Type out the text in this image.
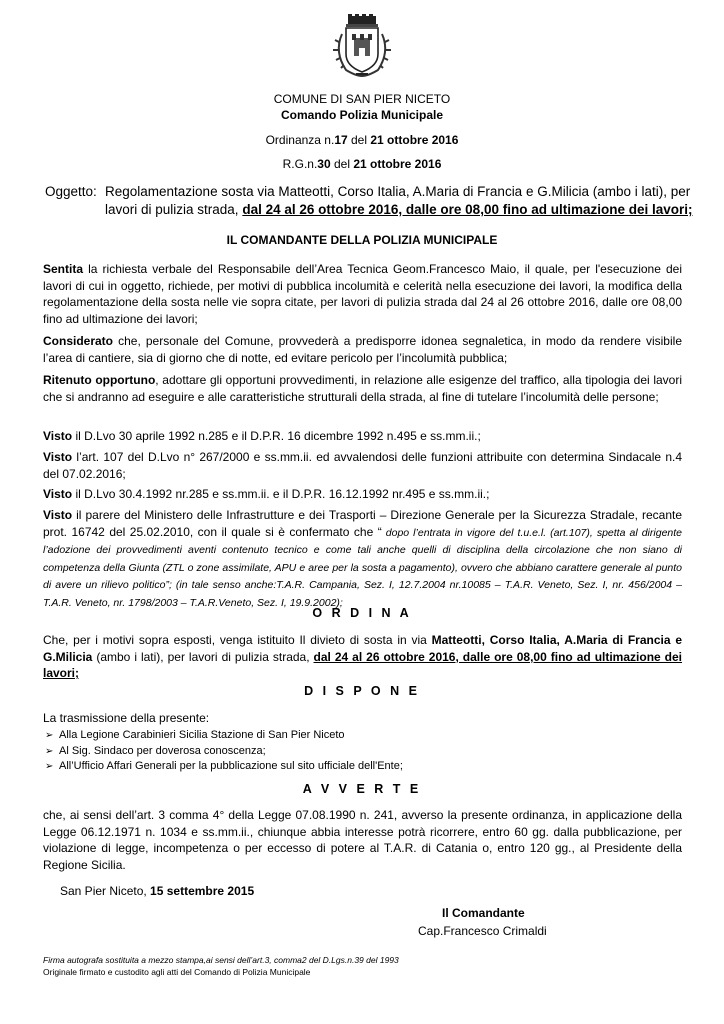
COMUNE DI SAN PIER NICETO
Comando Polizia Municipale
Ordinanza n.17 del 21 ottobre 2016
R.G.n.30 del 21 ottobre 2016
Oggetto: Regolamentazione sosta via Matteotti, Corso Italia, A.Maria di Francia e G.Milicia (ambo i lati), per lavori di pulizia strada, dal 24 al 26 ottobre 2016, dalle ore 08,00 fino ad ultimazione dei lavori;
IL COMANDANTE DELLA POLIZIA MUNICIPALE
Sentita la richiesta verbale del Responsabile dell’Area Tecnica Geom.Francesco Maio, il quale, per l'esecuzione dei lavori di cui in oggetto, richiede, per motivi di pubblica incolumità e celerità nella esecuzione dei lavori, la modifica della regolamentazione della sosta nelle vie sopra citate, per lavori di pulizia strada dal 24 al 26 ottobre 2016, dalle ore 08,00 fino ad ultimazione dei lavori;
Considerato che, personale del Comune, provvederà a predisporre idonea segnaletica, in modo da rendere visibile l’area di cantiere, sia di giorno che di notte, ed evitare pericolo per l’incolumità pubblica;
Ritenuto opportuno, adottare gli opportuni provvedimenti, in relazione alle esigenze del traffico, alla tipologia dei lavori che si andranno ad eseguire e alle caratteristiche strutturali della strada, al fine di tutelare l’incolumità delle persone;
Visto il D.Lvo 30 aprile 1992 n.285 e il D.P.R. 16 dicembre 1992 n.495 e ss.mm.ii.;
Visto l’art. 107 del D.Lvo n° 267/2000 e ss.mm.ii. ed avvalendosi delle funzioni attribuite con determina Sindacale n.4 del 07.02.2016;
Visto il D.Lvo 30.4.1992 nr.285 e ss.mm.ii. e il D.P.R. 16.12.1992 nr.495 e ss.mm.ii.;
Visto il parere del Ministero delle Infrastrutture e dei Trasporti – Direzione Generale per la Sicurezza Stradale, recante prot. 16742 del 25.02.2010, con il quale si è confermato che “ dopo l’entrata in vigore del t.u.e.l. (art.107), spetta al dirigente l’adozione dei provvedimenti aventi contenuto tecnico e come tali anche quelli di disciplina della circolazione che non siano di competenza della Giunta (ZTL o zone assimilate, APU e aree per la sosta a pagamento), ovvero che abbiano carattere generale al punto di avere un rilievo politico”; (in tale senso anche:T.A.R. Campania, Sez. I, 12.7.2004 nr.10085 – T.A.R. Veneto, Sez. I, nr. 456/2004 – T.A.R. Veneto, nr. 1798/2003 – T.A.R.Veneto, Sez. I, 19.9.2002);
O R D I N A
Che, per i motivi sopra esposti, venga istituito Il divieto di sosta in via Matteotti, Corso Italia, A.Maria di Francia e G.Milicia (ambo i lati), per lavori di pulizia strada, dal 24 al 26 ottobre 2016, dalle ore 08,00 fino ad ultimazione dei lavori;
D I S P O N E
La trasmissione della presente:
➢ Alla Legione Carabinieri Sicilia Stazione di San Pier Niceto
➢ Al Sig. Sindaco per doverosa conoscenza;
➢ All’Ufficio Affari Generali per la pubblicazione sul sito ufficiale dell'Ente;
A V V E R T E
che, ai sensi dell’art. 3 comma 4° della Legge 07.08.1990 n. 241, avverso la presente ordinanza, in applicazione della Legge 06.12.1971 n. 1034 e ss.mm.ii., chiunque abbia interesse potrà ricorrere, entro 60 gg. dalla pubblicazione, per violazione di legge, incompetenza o per eccesso di potere al T.A.R. di Catania o, entro 120 gg., al Presidente della Regione Sicilia.
San Pier Niceto, 15 settembre 2015
Il Comandante
Cap.Francesco Crimaldi
Firma autografa sostituita a mezzo stampa,ai sensi dell’art.3, comma2 del D.Lgs.n.39 del 1993
Originale firmato e custodito agli atti del Comando di Polizia Municipale
